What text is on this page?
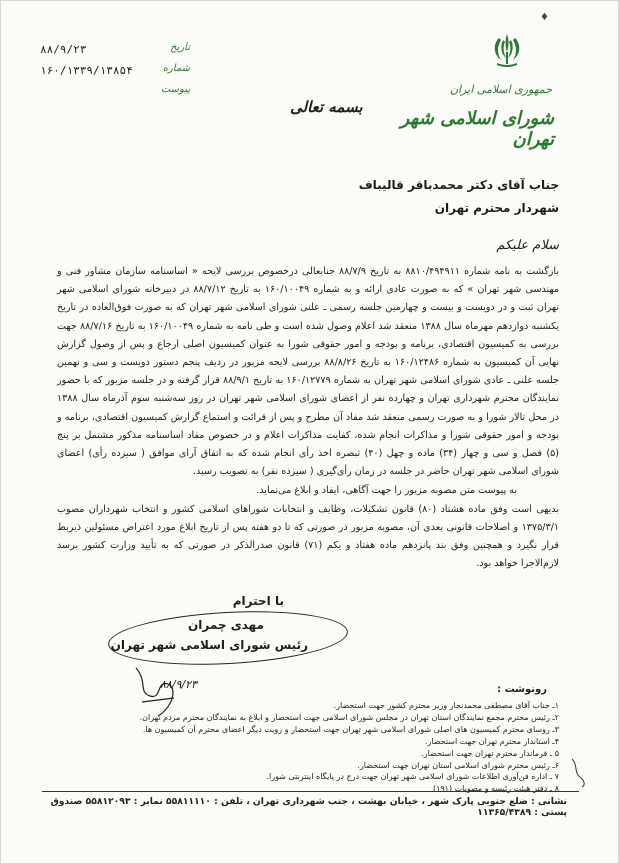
♦
جمهوری اسلامی ایران
شورای اسلامی شهر تهران
بسمه تعالی
تاریخ
۸۸/۹/۲۳
شماره
۱۶۰/۱۳۳۹/۱۳۸۵۴
پیوست
جناب آقای دکتر محمدباقر قالیباف
شهردار محترم تهران
سلام علیکم

بازگشت به نامه شماره ۸۸۱۰/۴۹۴۹۱۱ به تاریخ ۸۸/۷/۹ جنابعالی درخصوص بررسی لایحه « اساسنامه سازمان مشاور فنی و مهندسی شهر تهران » که به صورت عادی ارائه و به شماره ۱۶۰/۱۰۰۴۹ به تاریخ ۸۸/۷/۱۲ در دبیرخانه شورای اسلامی شهر تهران ثبت و در دویست و بیست و چهارمین جلسه رسمی ـ علنی شورای اسلامی شهر تهران که به صورت فوق‌العاده در تاریخ یکشنبه دوازدهم مهرماه سال ۱۳۸۸ منعقد شد اعلام وصول شده است و طی نامه به شماره ۱۶۰/۱۰۰۴۹ به تاریخ ۸۸/۷/۱۶ جهت بررسی به کمیسیون اقتصادی، برنامه و بودجه و امور حقوقی شورا به عنوان کمیسیون اصلی ارجاع و پس از وصول گزارش نهایی آن کمیسیون به شماره ۱۶۰/۱۲۴۸۶ به تاریخ ۸۸/۸/۲۶ بررسی لایحه مزبور در ردیف پنجم دستور دویست و سی و نهمین جلسه علنی ـ عادی شورای اسلامی شهر تهران به شماره ۱۶۰/۱۲۷۷۹ به تاریخ ۸۸/۹/۱ قرار گرفته و در جلسه مزبور که با حضور نمایندگان محترم شهرداری تهران و چهارده نفر از اعضای شورای اسلامی شهر تهران در روز سه‌شنبه سوم آذرماه سال ۱۳۸۸ در محل تالار شورا و به صورت رسمی منعقد شد مفاد آن مطرح و پس از قرائت و استماع گزارش کمیسیون اقتصادی، برنامه و بودجه و امور حقوقی شورا و مذاکرات انجام شده، کفایت مذاکرات اعلام و در خصوص مفاد اساسنامه مذکور مشتمل بر پنج (۵) فصل و سی و چهار (۳۴) ماده و چهل (۴۰) تبصره اخذ رأی انجام شده که به اتفاق آرای موافق ( سیزده رأی) اعضای شورای اسلامی شهر تهران حاضر در جلسه در زمان رأی‌گیری ( سیزده نفر) به تصویب رسید.

به پیوست متن مصوبه مزبور را جهت آگاهی، ایفاد و ابلاغ می‌نماید.

بدیهی است وفق ماده هشتاد (۸۰) قانون تشکیلات، وظایف و انتخابات شوراهای اسلامی کشور و انتخاب شهرداران مصوب ۱۳۷۵/۳/۱ و اصلاحات قانونی بعدی آن، مصوبه مزبور در صورتی که تا دو هفته پس از تاریخ ابلاغ مورد اعتراض مسئولین ذیربط قرار نگیرد و همچنین وفق بند پانزدهم ماده هفتاد و یکم (۷۱) قانون صدرالذکر در صورتی که به تأیید وزارت کشور برسد لازم‌الاجرا خواهد بود.

با احترام
مهدی چمران
رئیس شورای اسلامی شهر تهران
۸۸/۹/۲۳	رونوشت :
۱ـ جناب آقای مصطفی محمدنجار وزیر محترم کشور جهت استحضار.
۲ـ رئیس محترم مجمع نمایندگان استان تهران در مجلس شورای اسلامی جهت استحضار و ابلاغ به نمایندگان محترم مردم تهران.
۳ـ روسای محترم کمیسیون های اصلی شورای اسلامی شهر تهران جهت استحضار و رویت دیگر اعضای محترم آن کمیسیون ها.
۴ـ استاندار محترم تهران جهت استحضار.
۵ ـ فرماندار محترم تهران جهت استحضار.
۶ـ رئیس محترم شورای اسلامی استان تهران جهت استحضار.
۷ ـ اداره فن‌آوری اطلاعات شورای اسلامی شهر تهران جهت درج در پایگاه اینترنتی شورا.
۸ ـ دفتر هیئت رئیسه و مصوبات (۱۹۱)
نشانی : ضلع جنوبی پارک شهر ، خیابان بهشت ، جنب شهرداری تهران ، تلفن : ۵۵۸۱۱۱۱۰ نمابر : ۵۵۸۱۲۰۹۳ صندوق پستی : ۱۱۳۶۵/۴۳۸۹
